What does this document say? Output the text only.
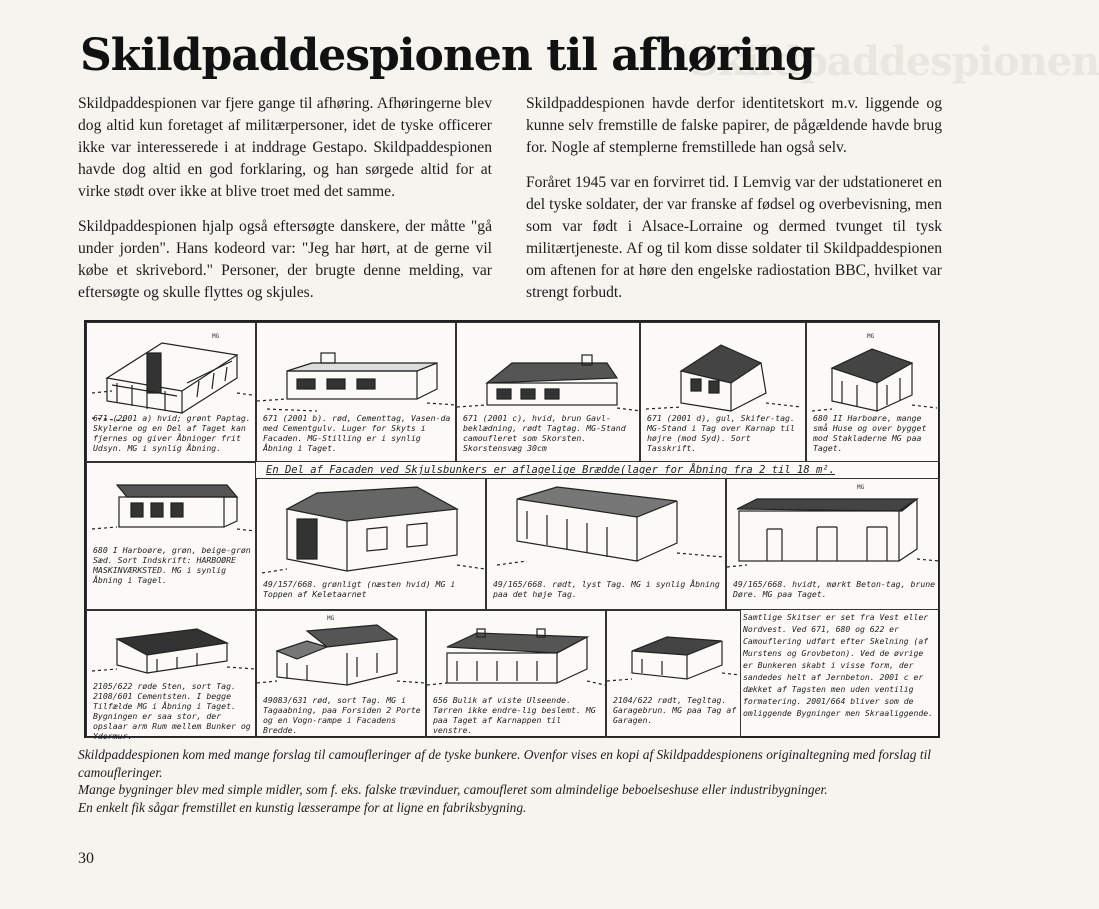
Skildpaddespionen
Skildpaddespionen til afhøring

Skildpaddespionen var fjere gange til afhøring. Afhøringerne blev dog altid kun foretaget af militærpersoner, idet de tyske officerer ikke var interesserede i at inddrage Gestapo. Skildpaddespionen havde dog altid en god forklaring, og han sørgede altid for at virke stødt over ikke at blive troet med det samme.

Skildpaddespionen hjalp også eftersøgte danskere, der måtte "gå under jorden". Hans kodeord var: "Jeg har hørt, at de gerne vil købe et skrivebord." Personer, der brugte denne melding, var eftersøgte og skulle flyttes og skjules.

Skildpaddespionen havde derfor identitetskort m.v. liggende og kunne selv fremstille de falske papirer, de pågældende havde brug for. Nogle af stemplerne fremstillede han også selv.

Foråret 1945 var en forvirret tid. I Lemvig var der udstationeret en del tyske soldater, der var franske af fødsel og overbevisning, men som var født i Alsace-Lorraine og dermed tvunget til tysk militærtjeneste. Af og til kom disse soldater til Skildpaddespionen om aftenen for at høre den engelske radiostation BBC, hvilket var strengt forbudt.

MG
671 (2001 a) hvid; grønt Paptag. Skylerne og en Del af Taget kan fjernes og giver Åbninger frit Udsyn. MG i synlig Åbning.
671 (2001 b). rød, Cementtag, Vasen-da med Cementgulv. Luger for Skyts i Facaden. MG-Stilling er i synlig Åbning i Taget.
671 (2001 c), hvid, brun Gavl-beklædning, rødt Tagtag. MG-Stand camoufleret som Skorsten. Skorstensvæg 30cm
671 (2001 d), gul, Skifer-tag. MG-Stand i Tag over Karnap til højre (mod Syd). Sort Tasskrift.
MG
680 II Harboøre, mange små Huse og over bygget mod Stakladerne MG paa Taget.
En Del af Facaden ved Skjulsbunkers er aflagelige Brædde(lager for Åbning fra 2 til 18 m².
680 I Harboøre, grøn, beige-grøn Sæd. Sort Indskrift: HARBOØRE MASKINVÆRKSTED. MG i synlig Åbning i Tagel.	49/157/668. grønligt (næsten hvid) MG i Toppen af Keletaarnet
49/165/668. rødt, lyst Tag. MG i synlig Åbning paa det høje Tag.
MG
49/165/668. hvidt, mørkt Beton-tag, brune Døre. MG paa Taget.
2105/622 røde Sten, sort Tag. 2108/601 Cementsten. I begge Tilfælde MG i Åbning i Taget. Bygningen er saa stor, der opslaar arm Rum mellem Bunker og Ydermur.
MG
49083/631 rød, sort Tag. MG i Tagaabning, paa Forsiden 2 Porte og en Vogn-rampe i Facadens Bredde.
656 Bulik af viste Ulseende. Tørren ikke endre-lig beslemt. MG paa Taget af Karnappen til venstre.
2104/622 rødt, Tegltag. Garagebrun. MG paa Tag af Garagen.
Samtlige Skitser er set fra Vest eller Nordvest. Ved 671, 680 og 622 er Camouflering udført efter Skelning (af Murstens og Grovbeton). Ved de øvrige er Bunkeren skabt i visse form, der sandedes helt af Jernbeton. 2001 c er dækket af Tagsten men uden ventilig formatering. 2001/664 bliver som de omliggende Bygninger men Skraaliggende.

Skildpaddespionen kom med mange forslag til camoufleringer af de tyske bunkere. Ovenfor vises en kopi af Skildpaddespionens originaltegning med forslag til camoufleringer.

Mange bygninger blev med simple midler, som f. eks. falske trævinduer, camoufleret som almindelige beboelseshuse eller industribygninger.

En enkelt fik sågar fremstillet en kunstig læsserampe for at ligne en fabriksbygning.

30
